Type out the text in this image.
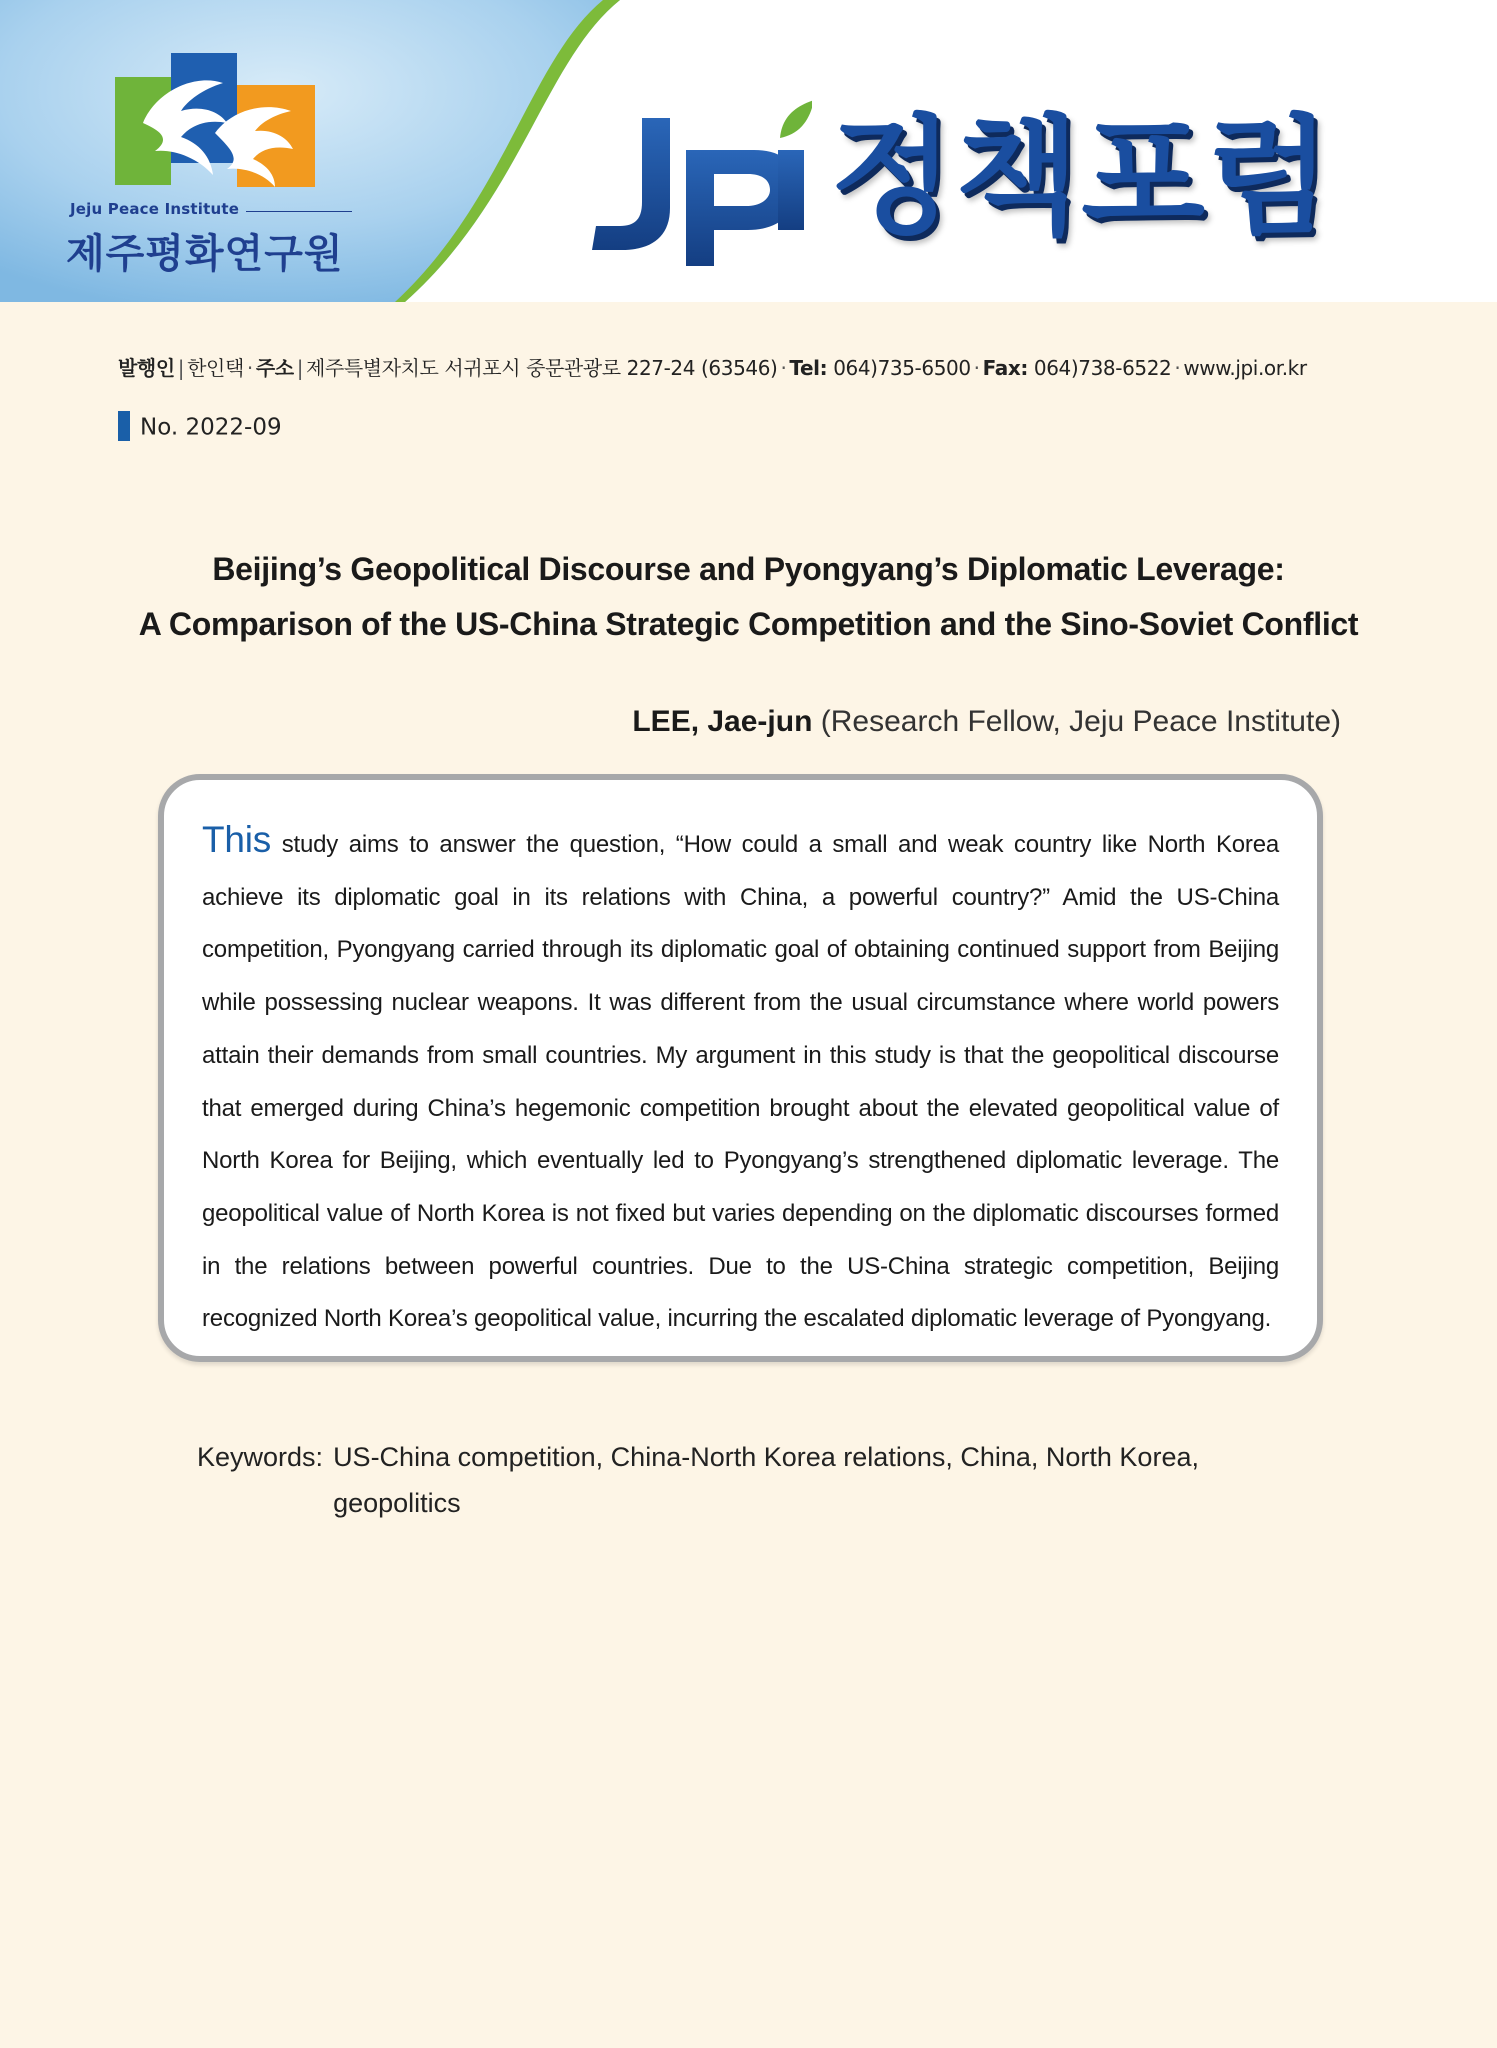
Jeju Peace Institute
제주평화연구원
정책포럼
발행인 | 한인택 · 주소 | 제주특별자치도 서귀포시 중문관광로 227-24 (63546) · Tel: 064)735-6500 · Fax: 064)738-6522 · www.jpi.or.kr
No. 2022-09
Beijing’s Geopolitical Discourse and Pyongyang’s Diplomatic Leverage:
A Comparison of the US-China Strategic Competition and the Sino-Soviet Conflict
LEE, Jae-jun (Research Fellow, Jeju Peace Institute)

This study aims to answer the question, “How could a small and weak country like North Korea achieve its diplomatic goal in its relations with China, a powerful country?” Amid the US-China competition, Pyongyang carried through its diplomatic goal of obtaining continued support from Beijing while possessing nuclear weapons. It was different from the usual circumstance where world powers attain their demands from small countries. My argument in this study is that the geopolitical discourse that emerged during China’s hegemonic competition brought about the elevated geopolitical value of North Korea for Beijing, which eventually led to Pyongyang’s strengthened diplomatic leverage. The geopolitical value of North Korea is not fixed but varies depending on the diplomatic discourses formed in the relations between powerful countries. Due to the US-China strategic competition, Beijing recognized North Korea’s geopolitical value, incurring the escalated diplomatic leverage of Pyongyang.

Keywords: US-China competition, China-North Korea relations, China, North Korea, geopolitics
